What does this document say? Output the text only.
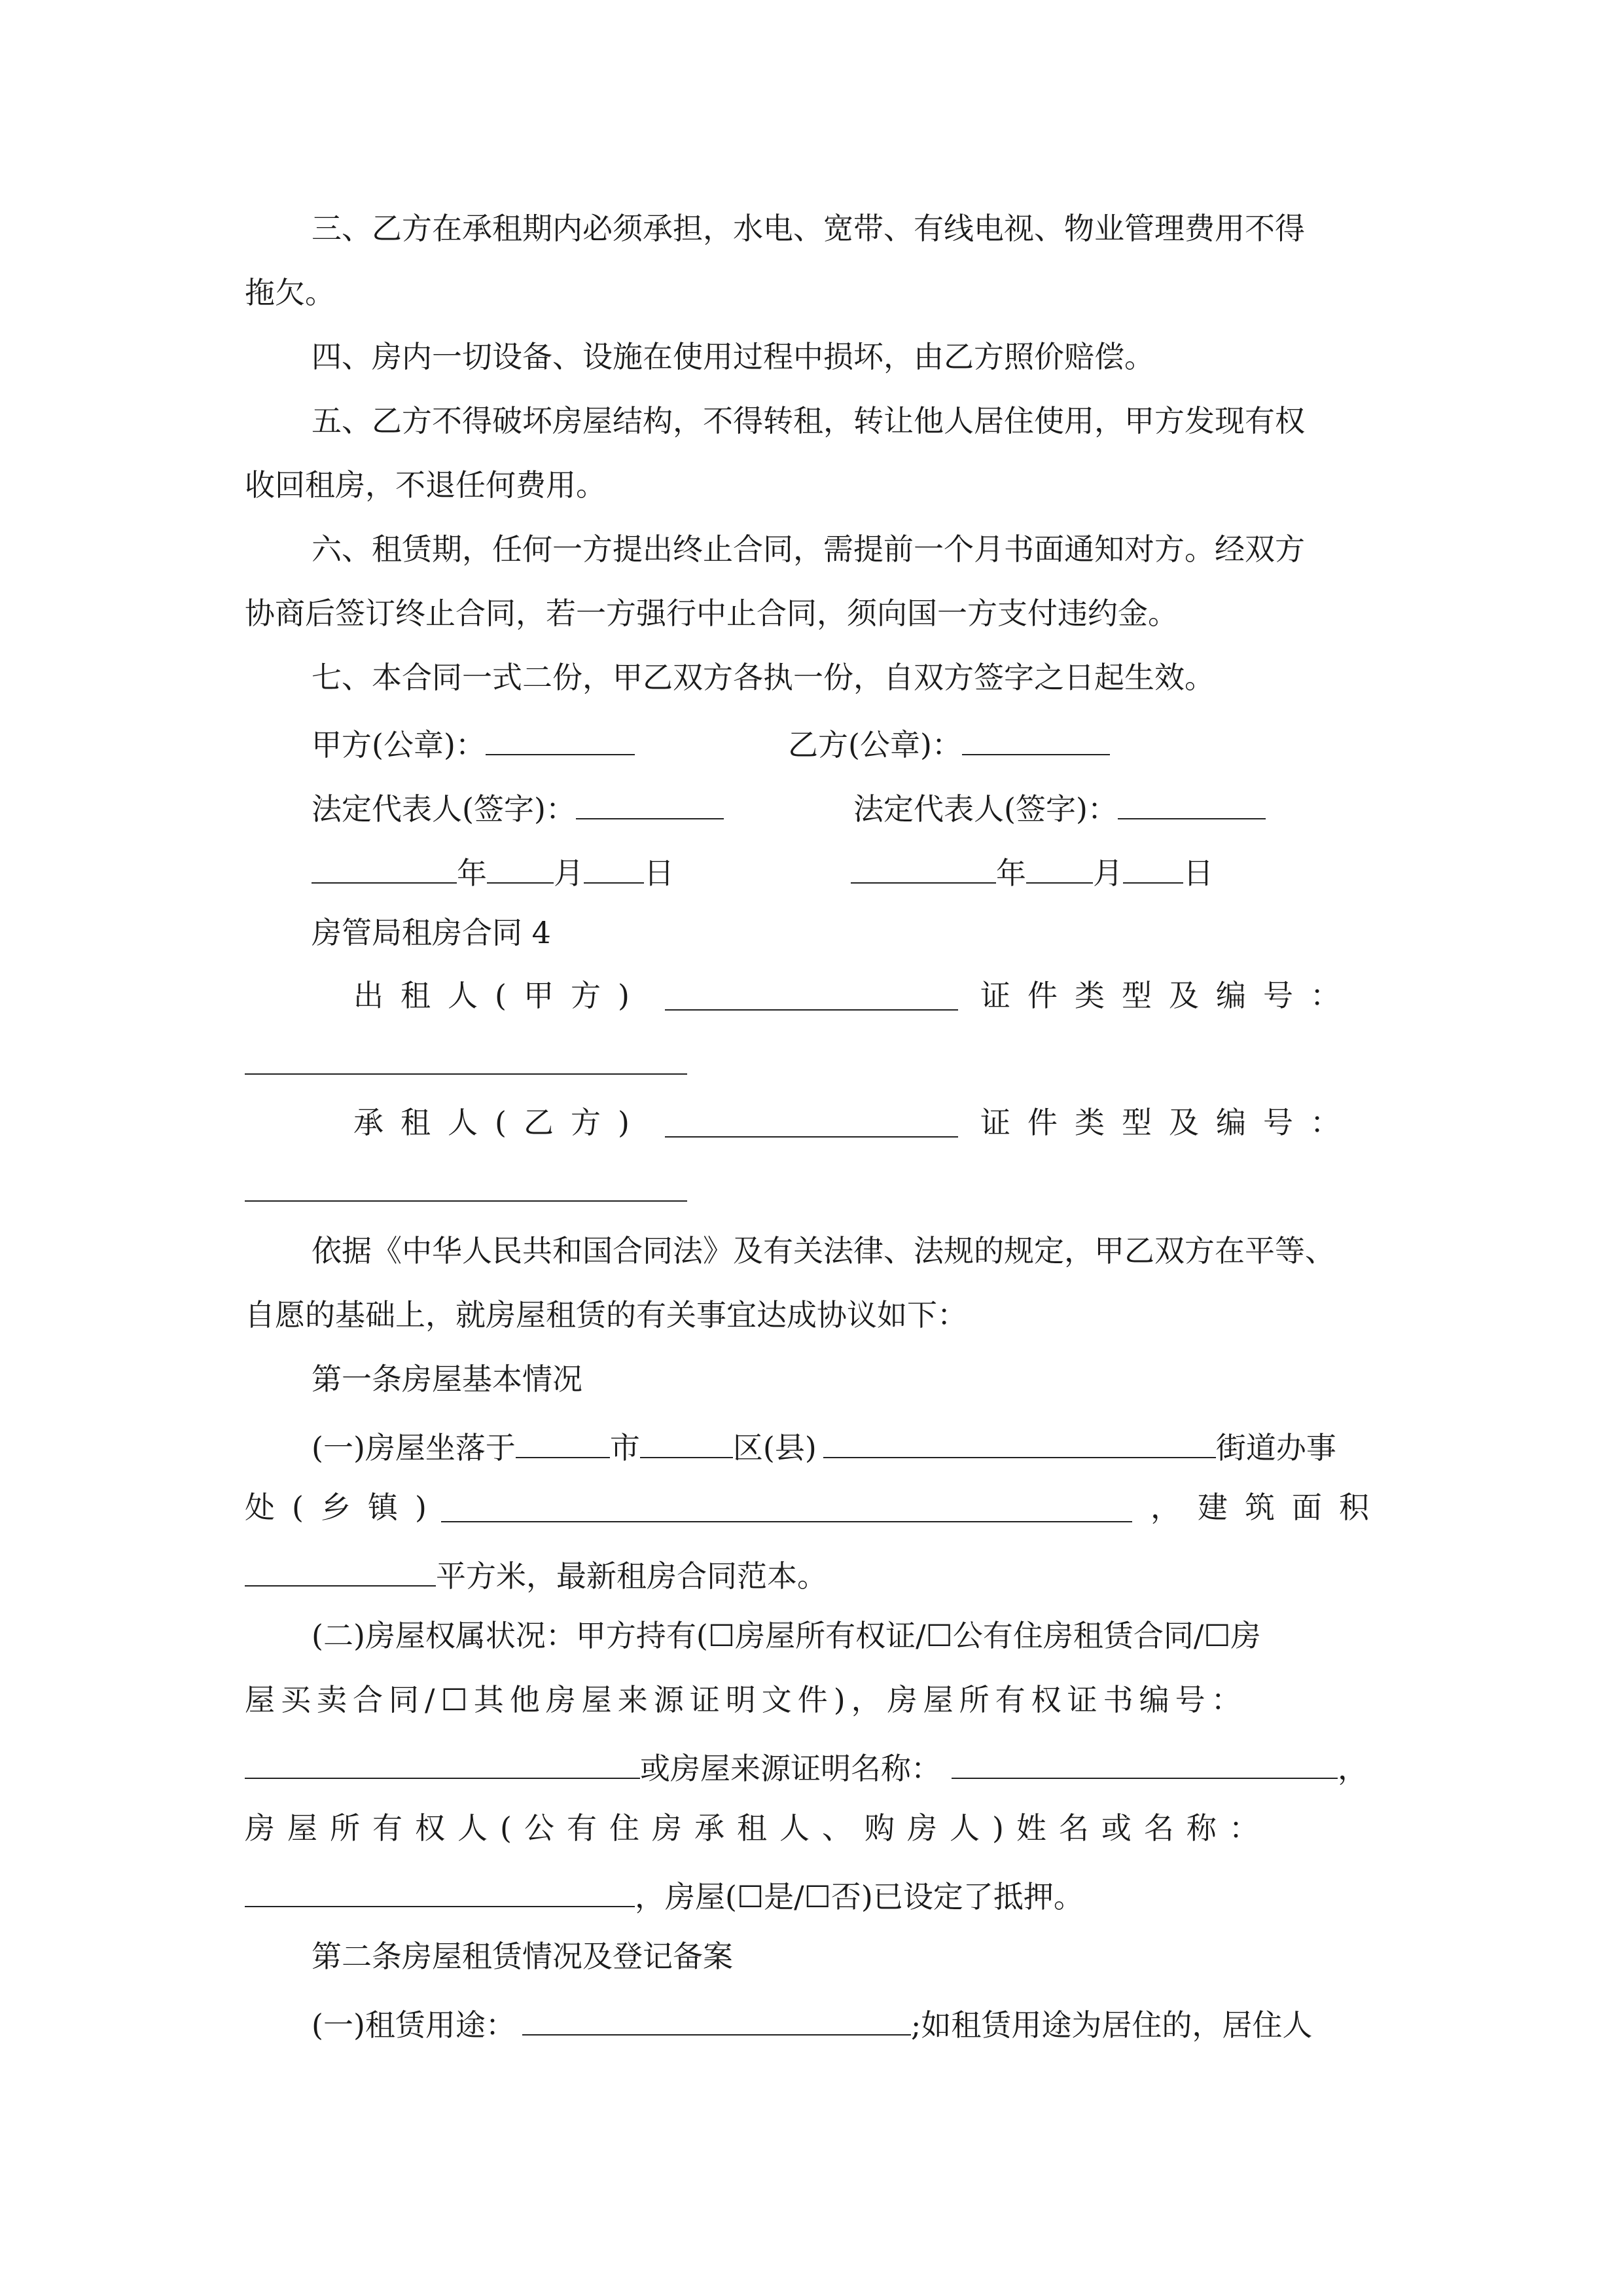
三、乙方在承租期内必须承担，水电、宽带、有线电视、物业管理费用不得
拖欠。
四、房内一切设备、设施在使用过程中损坏，由乙方照价赔偿。
五、乙方不得破坏房屋结构，不得转租，转让他人居住使用，甲方发现有权
收回租房，不退任何费用。
六、租赁期，任何一方提出终止合同，需提前一个月书面通知对方。经双方
协商后签订终止合同，若一方强行中止合同，须向国一方支付违约金。
七、本合同一式二份，甲乙双方各执一份，自双方签字之日起生效。
甲方(公章)：	乙方(公章)：
法定代表人(签字)：	法定代表人(签字)：
年 月 日	年 月 日
房管局租房合同 4
出租人(甲方)	证件类型及编号：
承租人(乙方)	证件类型及编号：
依据《中华人民共和国合同法》及有关法律、法规的规定，甲乙双方在平等、
自愿的基础上，就房屋租赁的有关事宜达成协议如下：
第一条房屋基本情况
(一)房屋坐落于	市	区(县)	街道办事
处(乡镇)	，建筑面积
平方米，最新租房合同范本。
(二)房屋权属状况：甲方持有(☐房屋所有权证/☐公有住房租赁合同/☐房
屋买卖合同/☐其他房屋来源证明文件)，房屋所有权证书编号：
或房屋来源证明名称：	，
房屋所有权人(公有住房承租人、购房人)姓名或名称：
，房屋(☐是/☐否)已设定了抵押。
第二条房屋租赁情况及登记备案
(一)租赁用途：	;如租赁用途为居住的，居住人
